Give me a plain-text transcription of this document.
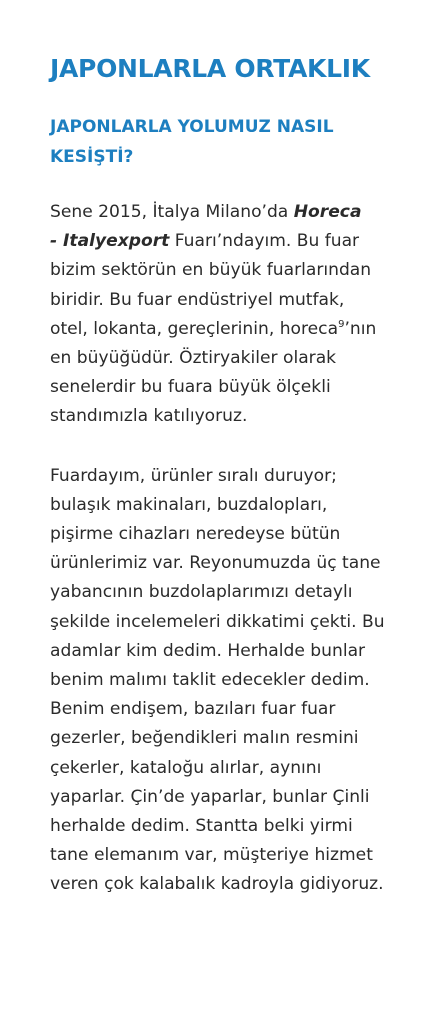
JAPONLARLA ORTAKLIK
JAPONLARLA YOLUMUZ NASIL
KESİŞTİ?

Sene 2015, İtalya Milano’da Horeca
- Italyexport Fuarı’ndayım. Bu fuar
bizim sektörün en büyük fuarlarından
biridir. Bu fuar endüstriyel mutfak,
otel, lokanta, gereçlerinin, horeca$^9$’nın
en büyüğüdür. Öztiryakiler olarak
senelerdir bu fuara büyük ölçekli
standımızla katılıyoruz.

Fuardayım, ürünler sıralı duruyor;
bulaşık makinaları, buzdalopları,
pişirme cihazları neredeyse bütün
ürünlerimiz var. Reyonumuzda üç tane
yabancının buzdolaplarımızı detaylı
şekilde incelemeleri dikkatimi çekti. Bu
adamlar kim dedim. Herhalde bunlar
benim malımı taklit edecekler dedim.
Benim endişem, bazıları fuar fuar
gezerler, beğendikleri malın resmini
çekerler, kataloğu alırlar, aynını
yaparlar. Çin’de yaparlar, bunlar Çinli
herhalde dedim. Stantta belki yirmi
tane elemanım var, müşteriye hizmet
veren çok kalabalık kadroyla gidiyoruz.
